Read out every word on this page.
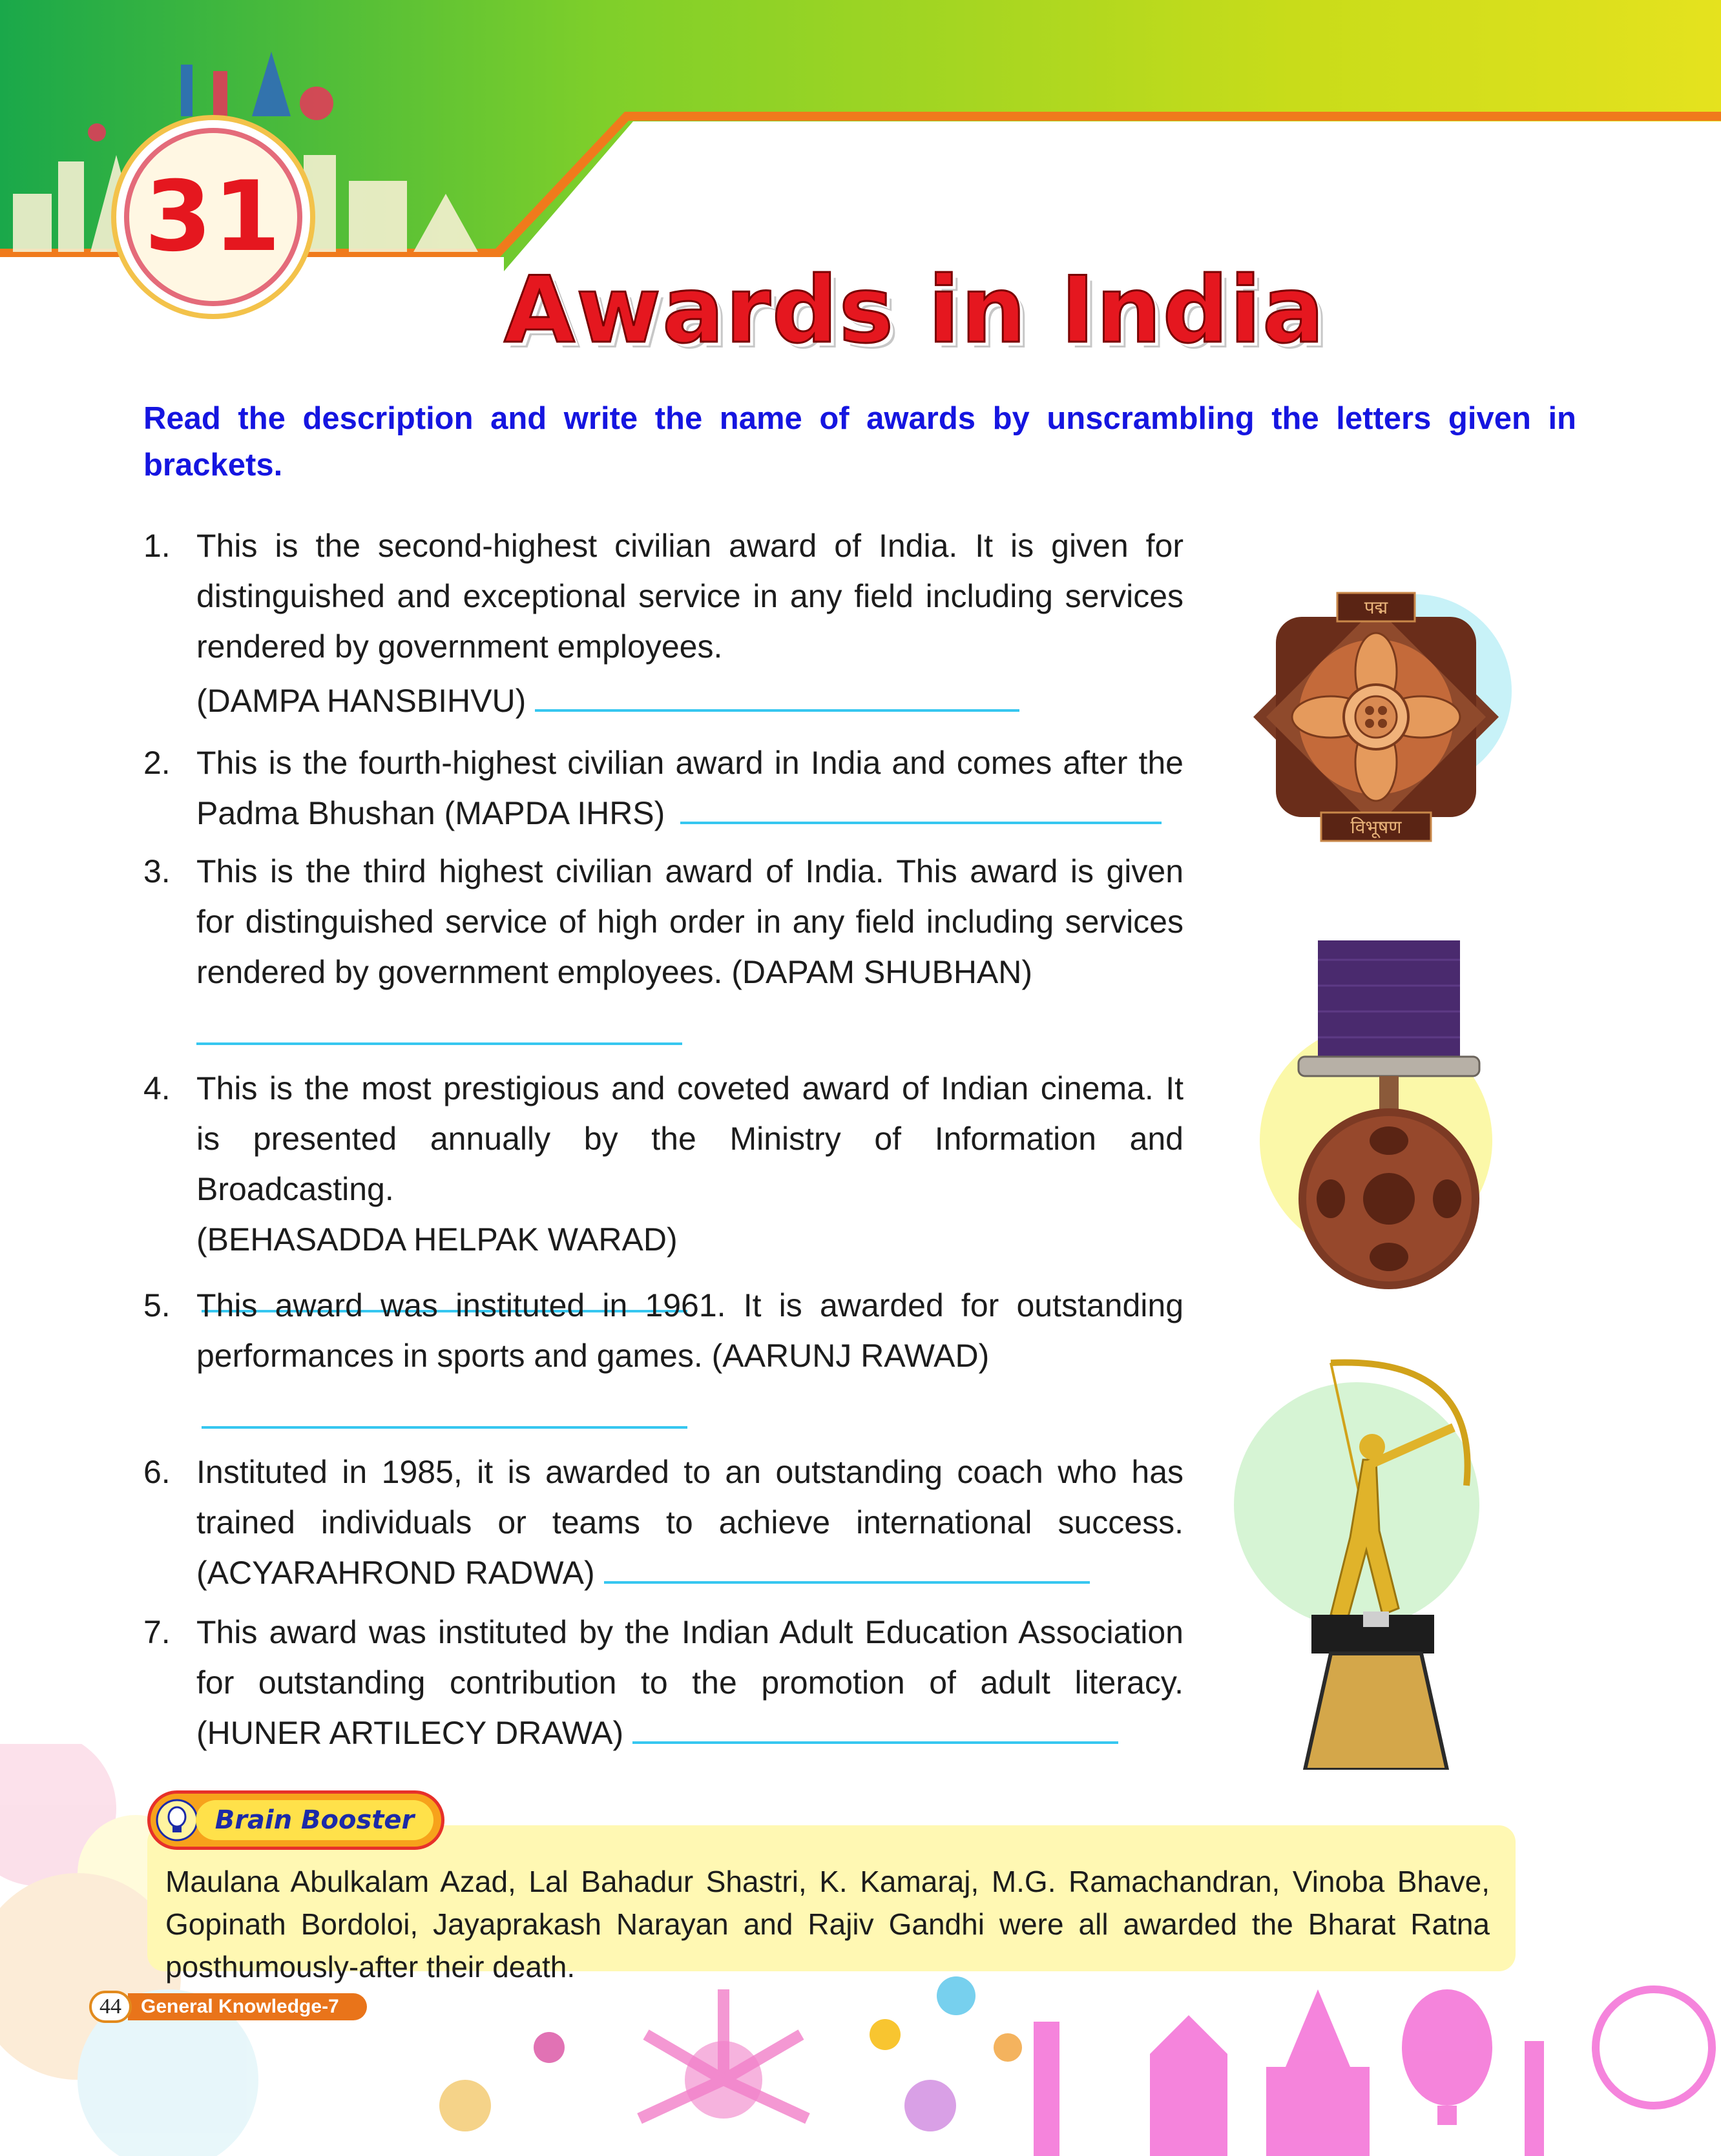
31
Awards in India

Read the description and write the name of awards by unscrambling the letters given in brackets.

1. This is the second-highest civilian award of India. It is given for distinguished and exceptional service in any field including services rendered by government employees.

(DAMPA HANSBIHVU)

2. This is the fourth-highest civilian award in India and comes after the Padma Bhushan (MAPDA IHRS)

3. This is the third highest civilian award of India. This award is given for distinguished service of high order in any field including services rendered by government employees. (DAPAM SHUBHAN)

4. This is the most prestigious and coveted award of Indian cinema. It is presented annually by the Ministry of Information and Broadcasting.

(BEHASADDA HELPAK WARAD)

5. This award was instituted in 1961. It is awarded for outstanding performances in sports and games. (AARUNJ RAWAD)

6. Instituted in 1985, it is awarded to an outstanding coach who has trained individuals or teams to achieve international success. (ACYARAHROND RADWA)

7. This award was instituted by the Indian Adult Education Association for outstanding contribution to the promotion of adult literacy. (HUNER ARTILECY DRAWA)

पद्म
विभूषण

Maulana Abulkalam Azad, Lal Bahadur Shastri, K. Kamaraj, M.G. Ramachandran, Vinoba Bhave, Gopinath Bordoloi, Jayaprakash Narayan and Rajiv Gandhi were all awarded the Bharat Ratna posthumously-after their death.

Brain Booster
General Knowledge-7
44
